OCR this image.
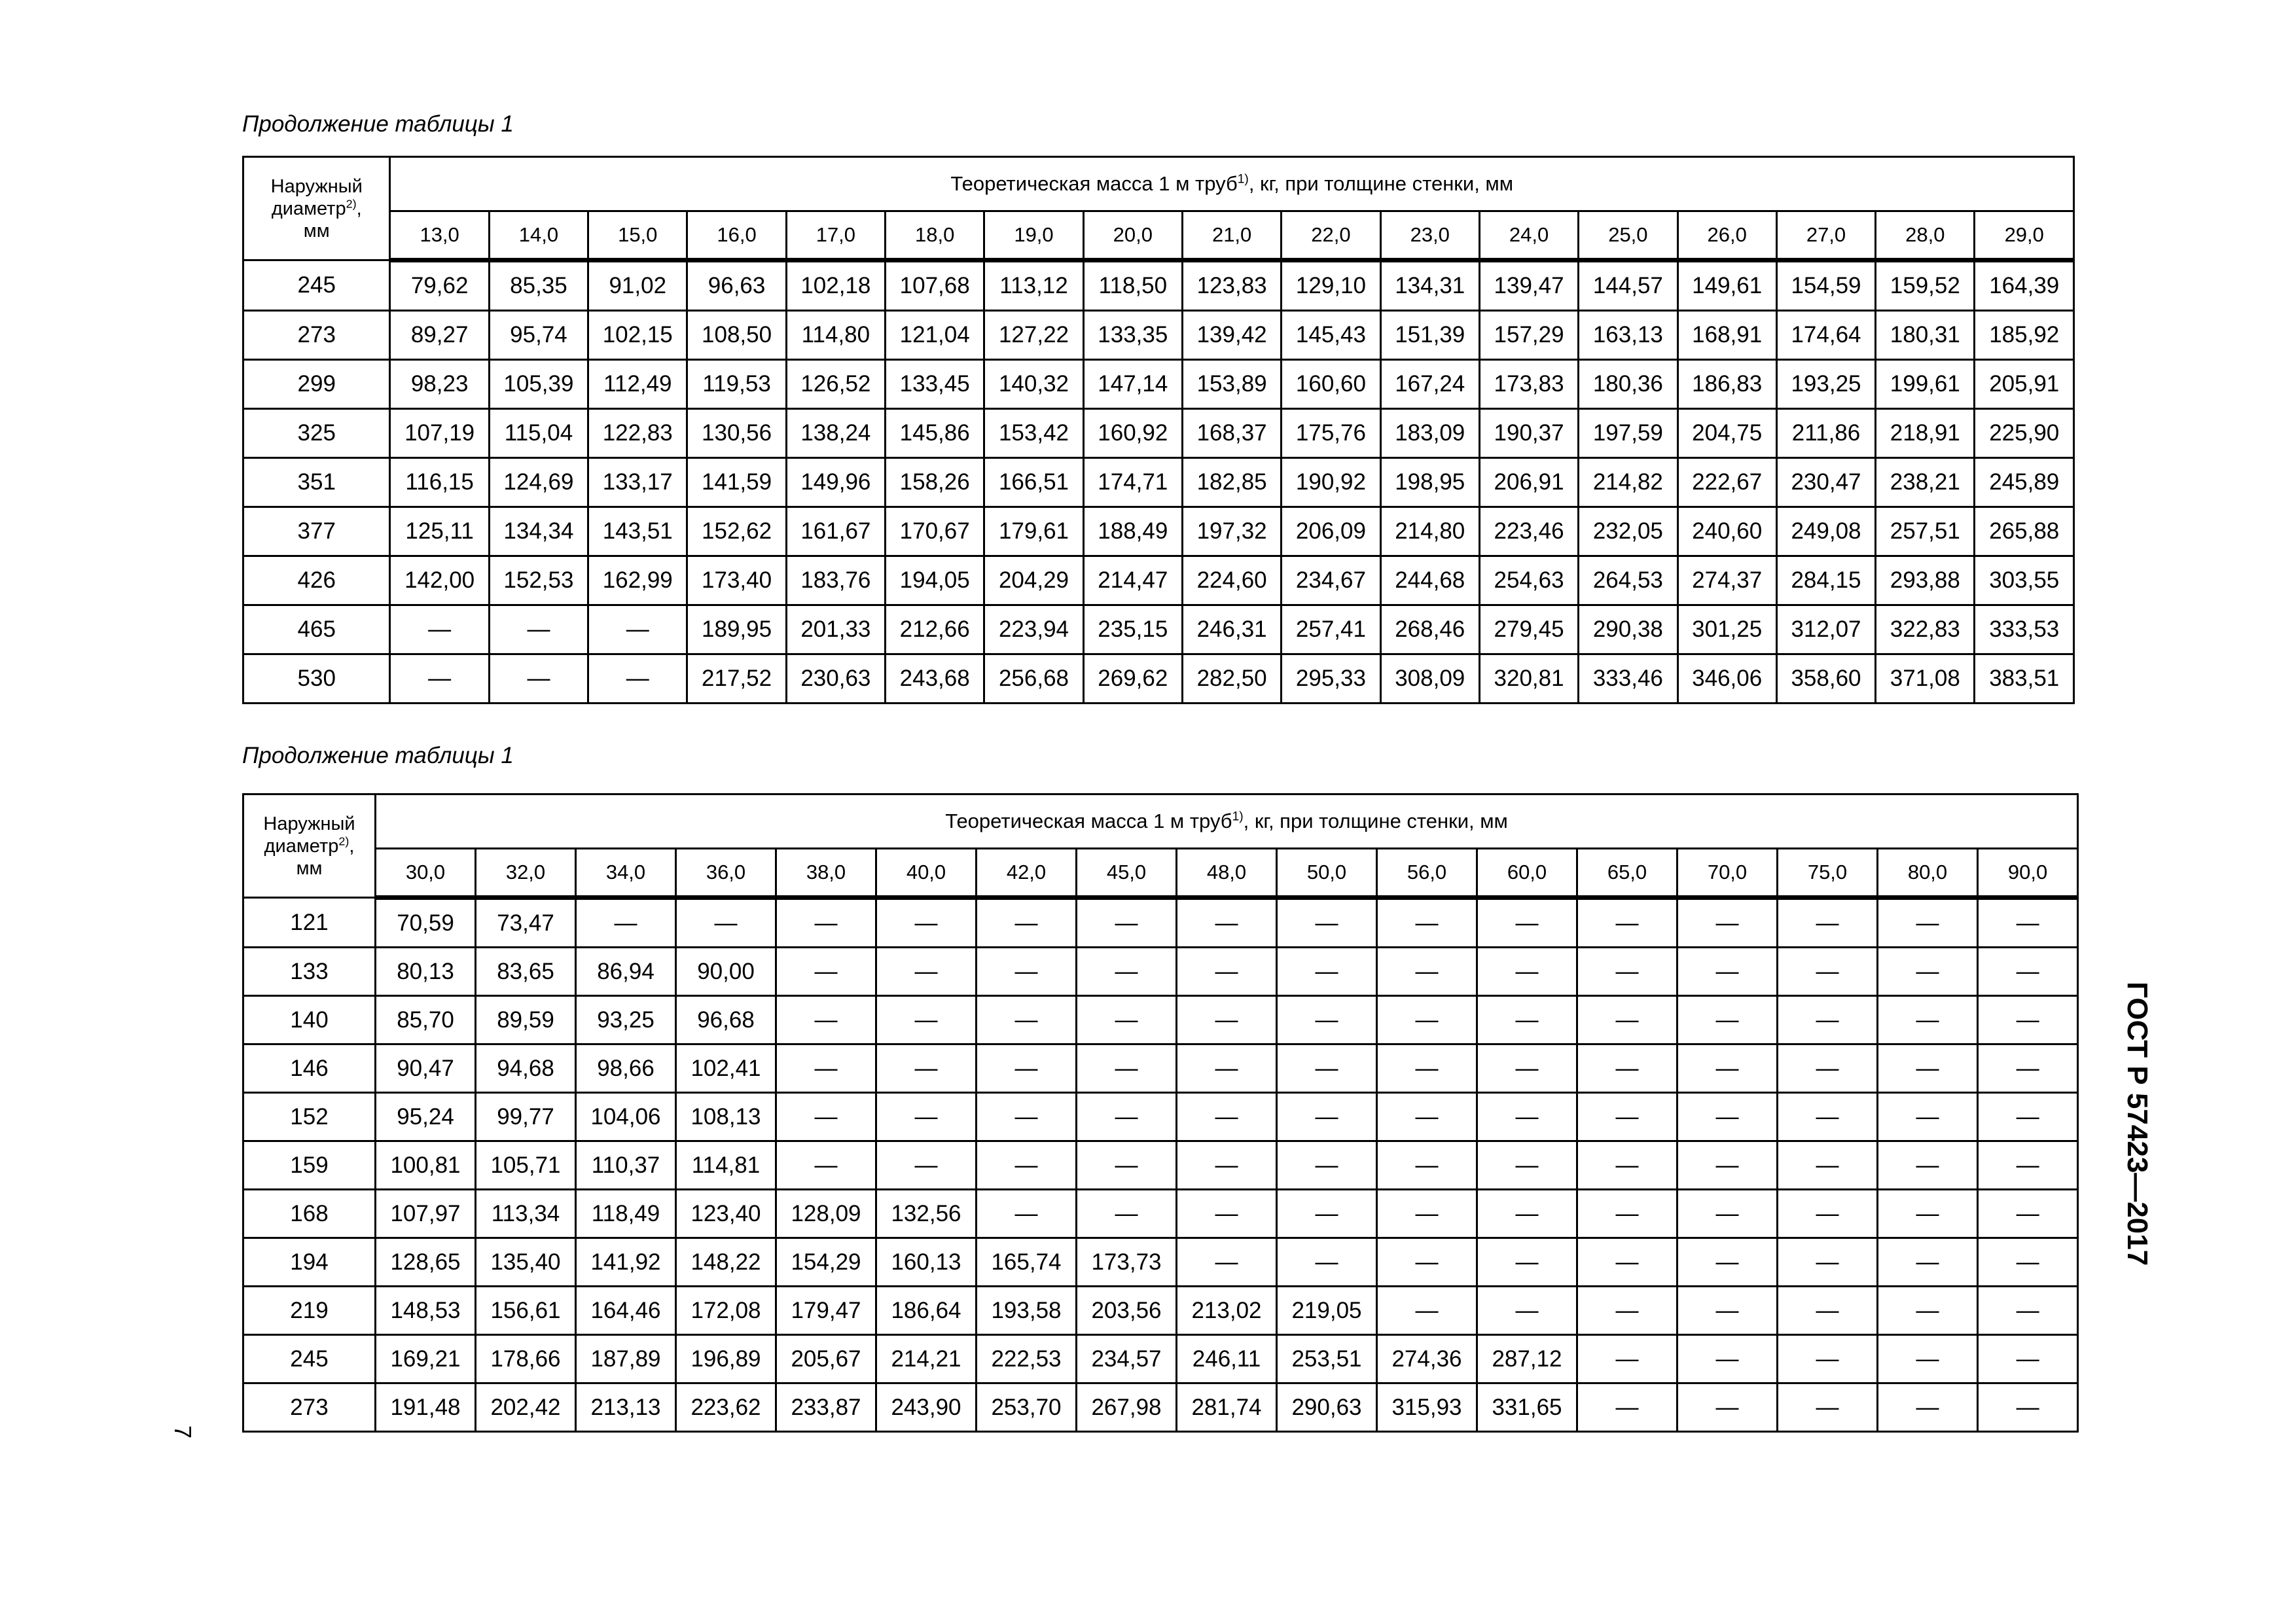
Продолжение таблицы 1
Наружный
диаметр$^{2)}$,
мм	Теоретическая масса 1 м труб$^{1)}$, кг, при толщине стенки, мм																
	13,0	14,0	15,0	16,0	17,0	18,0	19,0	20,0	21,0	22,0	23,0	24,0	25,0	26,0	27,0	28,0	29,0
245	79,62	85,35	91,02	96,63	102,18	107,68	113,12	118,50	123,83	129,10	134,31	139,47	144,57	149,61	154,59	159,52	164,39
273	89,27	95,74	102,15	108,50	114,80	121,04	127,22	133,35	139,42	145,43	151,39	157,29	163,13	168,91	174,64	180,31	185,92
299	98,23	105,39	112,49	119,53	126,52	133,45	140,32	147,14	153,89	160,60	167,24	173,83	180,36	186,83	193,25	199,61	205,91
325	107,19	115,04	122,83	130,56	138,24	145,86	153,42	160,92	168,37	175,76	183,09	190,37	197,59	204,75	211,86	218,91	225,90
351	116,15	124,69	133,17	141,59	149,96	158,26	166,51	174,71	182,85	190,92	198,95	206,91	214,82	222,67	230,47	238,21	245,89
377	125,11	134,34	143,51	152,62	161,67	170,67	179,61	188,49	197,32	206,09	214,80	223,46	232,05	240,60	249,08	257,51	265,88
426	142,00	152,53	162,99	173,40	183,76	194,05	204,29	214,47	224,60	234,67	244,68	254,63	264,53	274,37	284,15	293,88	303,55
465	—	—	—	189,95	201,33	212,66	223,94	235,15	246,31	257,41	268,46	279,45	290,38	301,25	312,07	322,83	333,53
530	—	—	—	217,52	230,63	243,68	256,68	269,62	282,50	295,33	308,09	320,81	333,46	346,06	358,60	371,08	383,51
Продолжение таблицы 1
Наружный
диаметр$^{2)}$,
мм	Теоретическая масса 1 м труб$^{1)}$, кг, при толщине стенки, мм																
	30,0	32,0	34,0	36,0	38,0	40,0	42,0	45,0	48,0	50,0	56,0	60,0	65,0	70,0	75,0	80,0	90,0
121	70,59	73,47	—	—	—	—	—	—	—	—	—	—	—	—	—	—	—
133	80,13	83,65	86,94	90,00	—	—	—	—	—	—	—	—	—	—	—	—	—
140	85,70	89,59	93,25	96,68	—	—	—	—	—	—	—	—	—	—	—	—	—
146	90,47	94,68	98,66	102,41	—	—	—	—	—	—	—	—	—	—	—	—	—
152	95,24	99,77	104,06	108,13	—	—	—	—	—	—	—	—	—	—	—	—	—
159	100,81	105,71	110,37	114,81	—	—	—	—	—	—	—	—	—	—	—	—	—
168	107,97	113,34	118,49	123,40	128,09	132,56	—	—	—	—	—	—	—	—	—	—	—
194	128,65	135,40	141,92	148,22	154,29	160,13	165,74	173,73	—	—	—	—	—	—	—	—	—
219	148,53	156,61	164,46	172,08	179,47	186,64	193,58	203,56	213,02	219,05	—	—	—	—	—	—	—
245	169,21	178,66	187,89	196,89	205,67	214,21	222,53	234,57	246,11	253,51	274,36	287,12	—	—	—	—	—
273	191,48	202,42	213,13	223,62	233,87	243,90	253,70	267,98	281,74	290,63	315,93	331,65	—	—	—	—	—
ГОСТ Р 57423—2017
7
